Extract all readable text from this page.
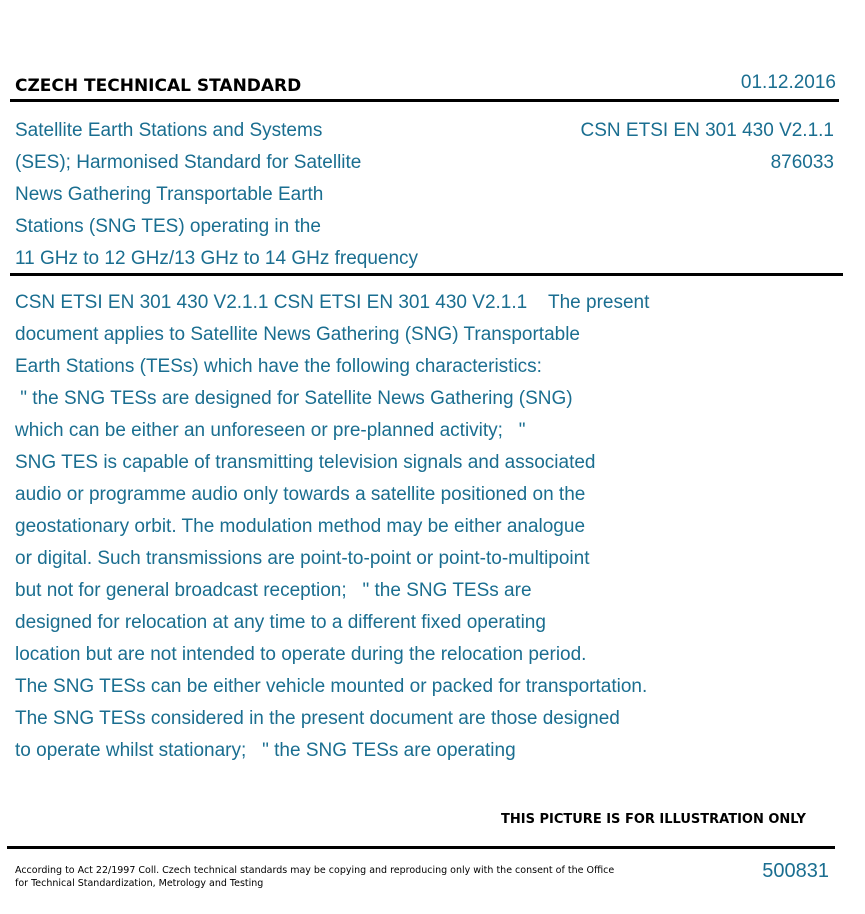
CZECH TECHNICAL STANDARD	01.12.2016
Satellite Earth Stations and Systems
(SES); Harmonised Standard for Satellite
News Gathering Transportable Earth
Stations (SNG TES) operating in the
11 GHz to 12 GHz/13 GHz to 14 GHz frequency
CSN ETSI EN 301 430 V2.1.1
876033
CSN ETSI EN 301 430 V2.1.1 CSN ETSI EN 301 430 V2.1.1    The present
document applies to Satellite News Gathering (SNG) Transportable
Earth Stations (TESs) which have the following characteristics:
" the SNG TESs are designed for Satellite News Gathering (SNG)
which can be either an unforeseen or pre-planned activity;   "
SNG TES is capable of transmitting television signals and associated
audio or programme audio only towards a satellite positioned on the
geostationary orbit. The modulation method may be either analogue
or digital. Such transmissions are point-to-point or point-to-multipoint
but not for general broadcast reception;   " the SNG TESs are
designed for relocation at any time to a different fixed operating
location but are not intended to operate during the relocation period.
The SNG TESs can be either vehicle mounted or packed for transportation.
The SNG TESs considered in the present document are those designed
to operate whilst stationary;   " the SNG TESs are operating
THIS PICTURE IS FOR ILLUSTRATION ONLY
According to Act 22/1997 Coll. Czech technical standards may be copying and reproducing only with the consent of the Office
for Technical Standardization, Metrology and Testing
500831
